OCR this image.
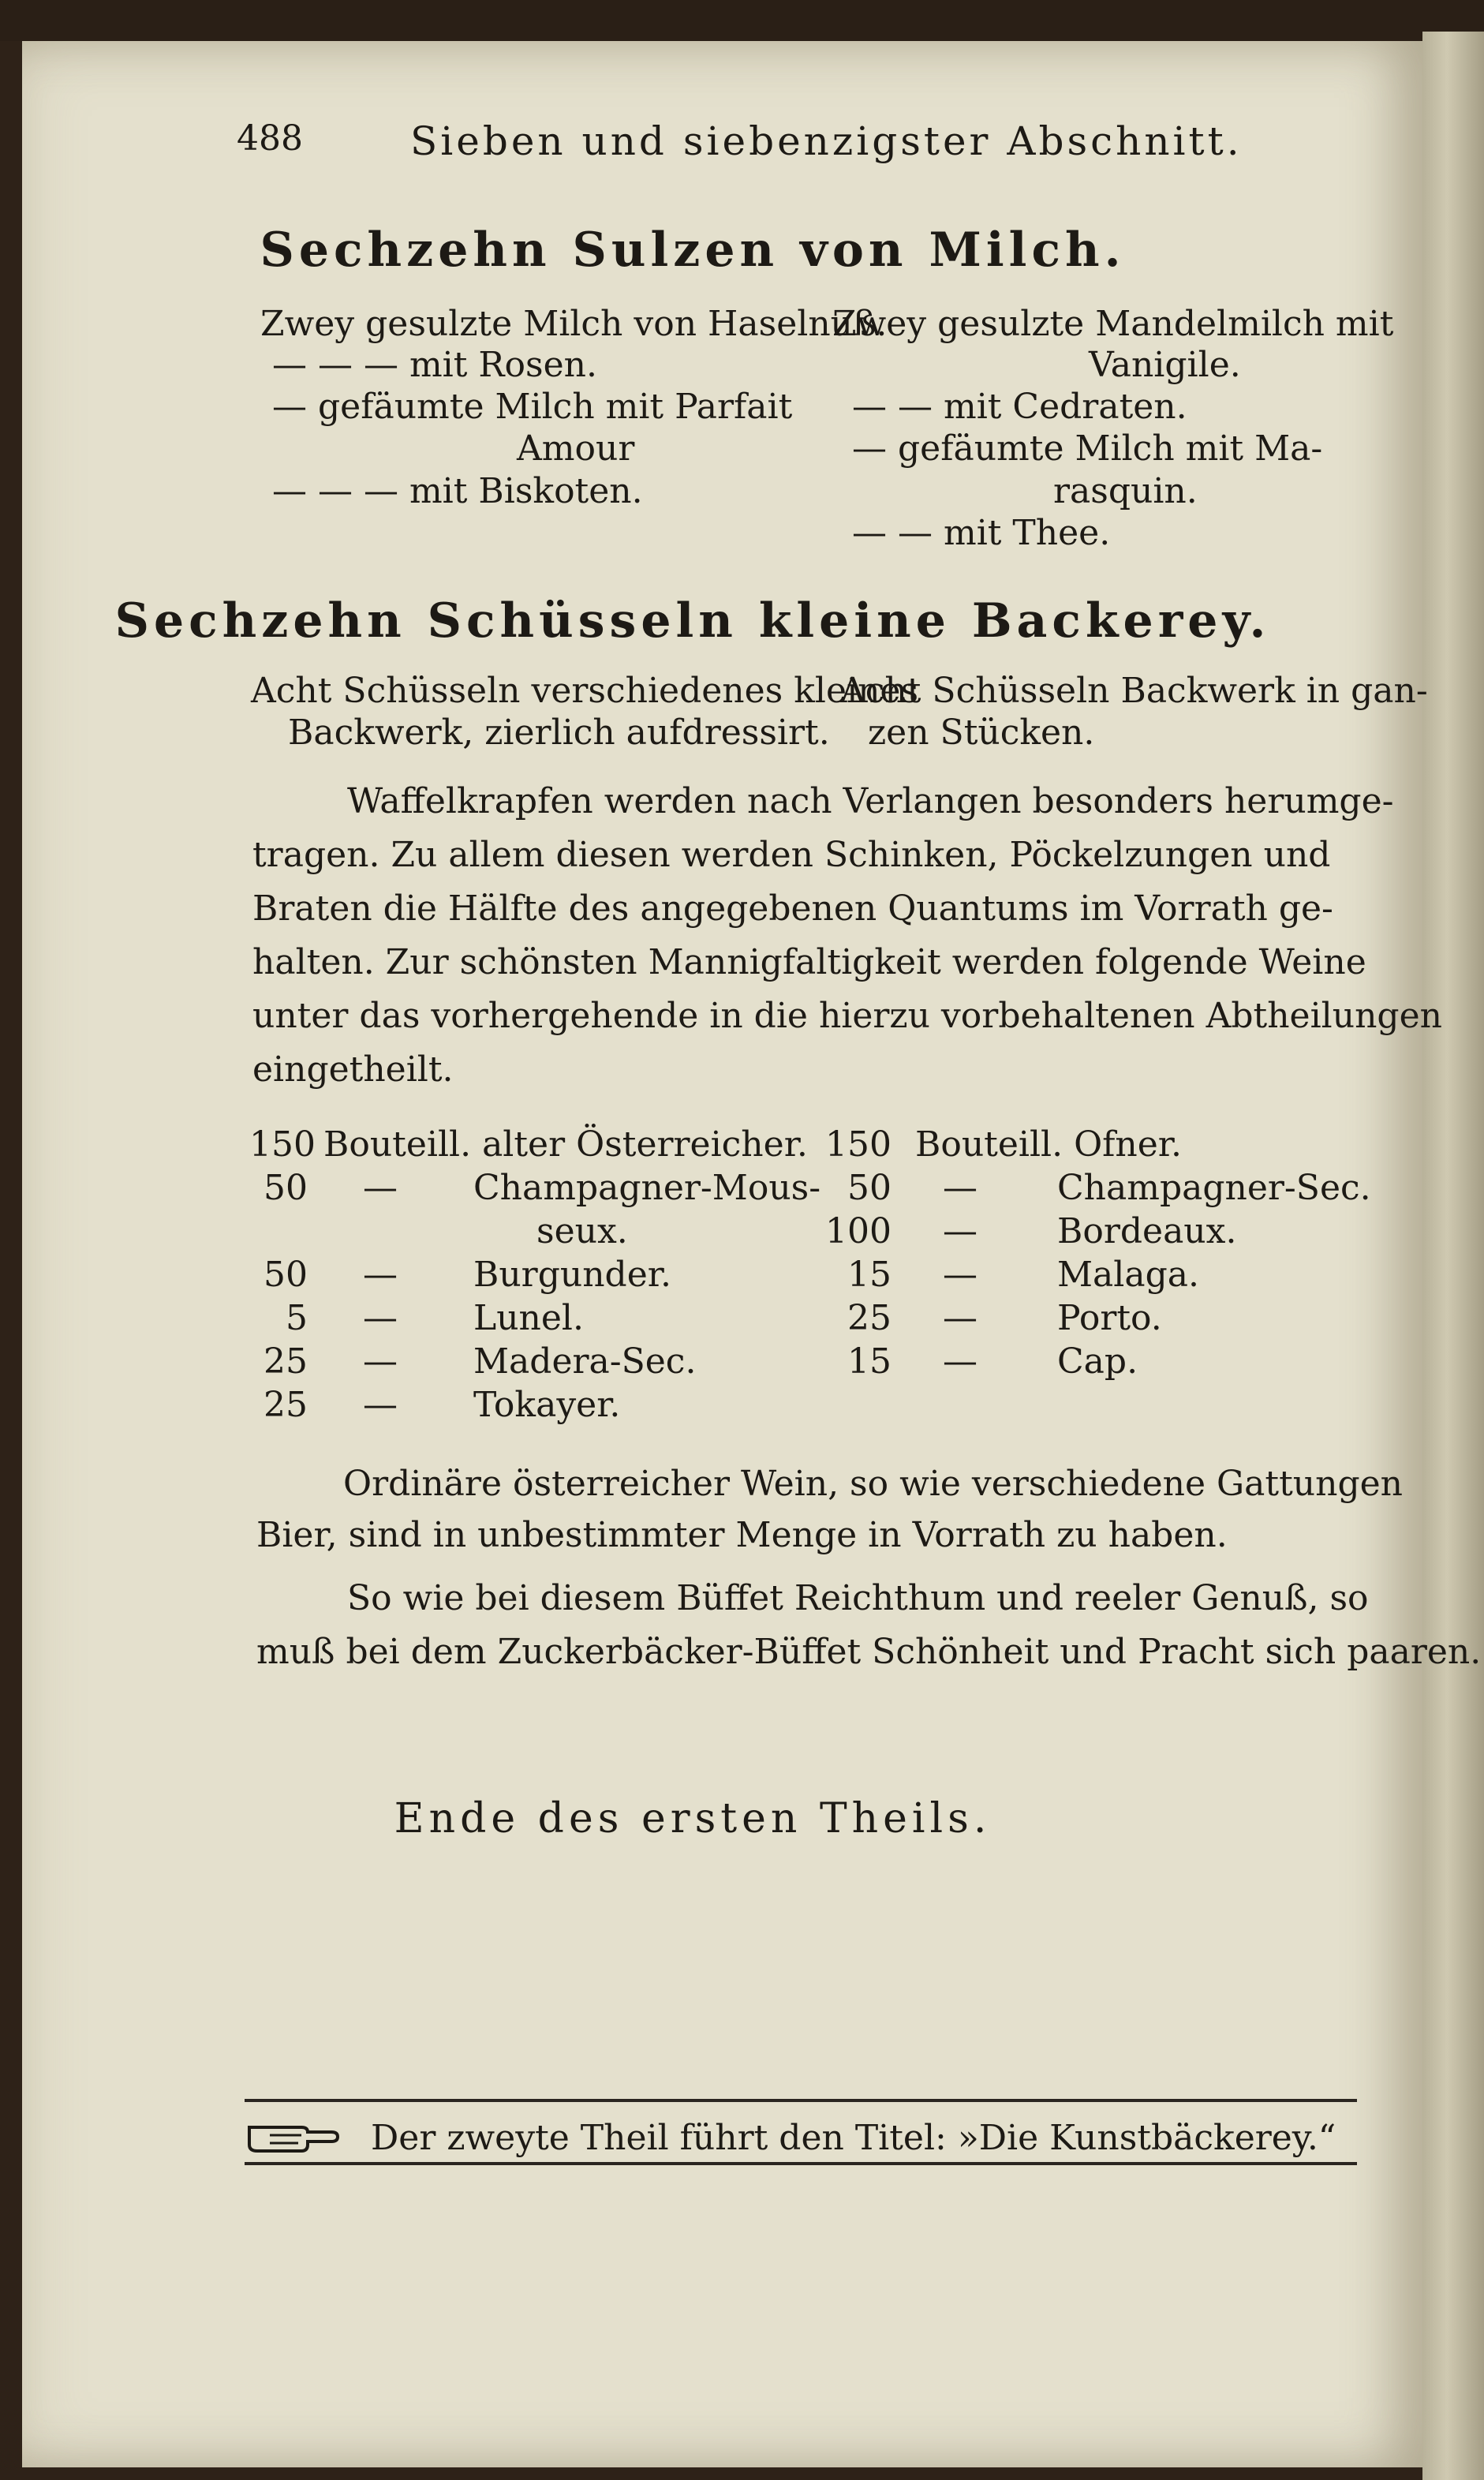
488	Sieben und siebenzigster Abschnitt.
Sechzehn Sulzen von Milch.
Zwey gesulzte Milch von Haselnuß.
— — — mit Rosen.
— gefäumte Milch mit Parfait
Amour
— — — mit Biskoten.
Zwey gesulzte Mandelmilch mit
Vanigile.
— — mit Cedraten.
— gefäumte Milch mit Ma-
rasquin.
— — mit Thee.
Sechzehn Schüsseln kleine Backerey.
Acht Schüsseln verschiedenes kleines
Backwerk, zierlich aufdressirt.
Acht Schüsseln Backwerk in gan-
zen Stücken.
Waffelkrapfen werden nach Verlangen besonders herumge-
tragen. Zu allem diesen werden Schinken, Pöckelzungen und
Braten die Hälfte des angegebenen Quantums im Vorrath ge-
halten. Zur schönsten Mannigfaltigkeit werden folgende Weine
unter das vorhergehende in die hierzu vorbehaltenen Abtheilungen
eingetheilt.
150 Bouteill. alter Österreicher.
50 — Champagner-Mous-
seux.
50 — Burgunder.
5 — Lunel.
25 — Madera-Sec.
25 — Tokayer.
150 Bouteill. Ofner.
50 — Champagner-Sec.
100 — Bordeaux.
15 — Malaga.
25 — Porto.
15 — Cap.
Ordinäre österreicher Wein, so wie verschiedene Gattungen
Bier, sind in unbestimmter Menge in Vorrath zu haben.
So wie bei diesem Büffet Reichthum und reeler Genuß, so
muß bei dem Zuckerbäcker-Büffet Schönheit und Pracht sich paaren.
Ende des ersten Theils.
Der zweyte Theil führt den Titel: »Die Kunstbäckerey.“
